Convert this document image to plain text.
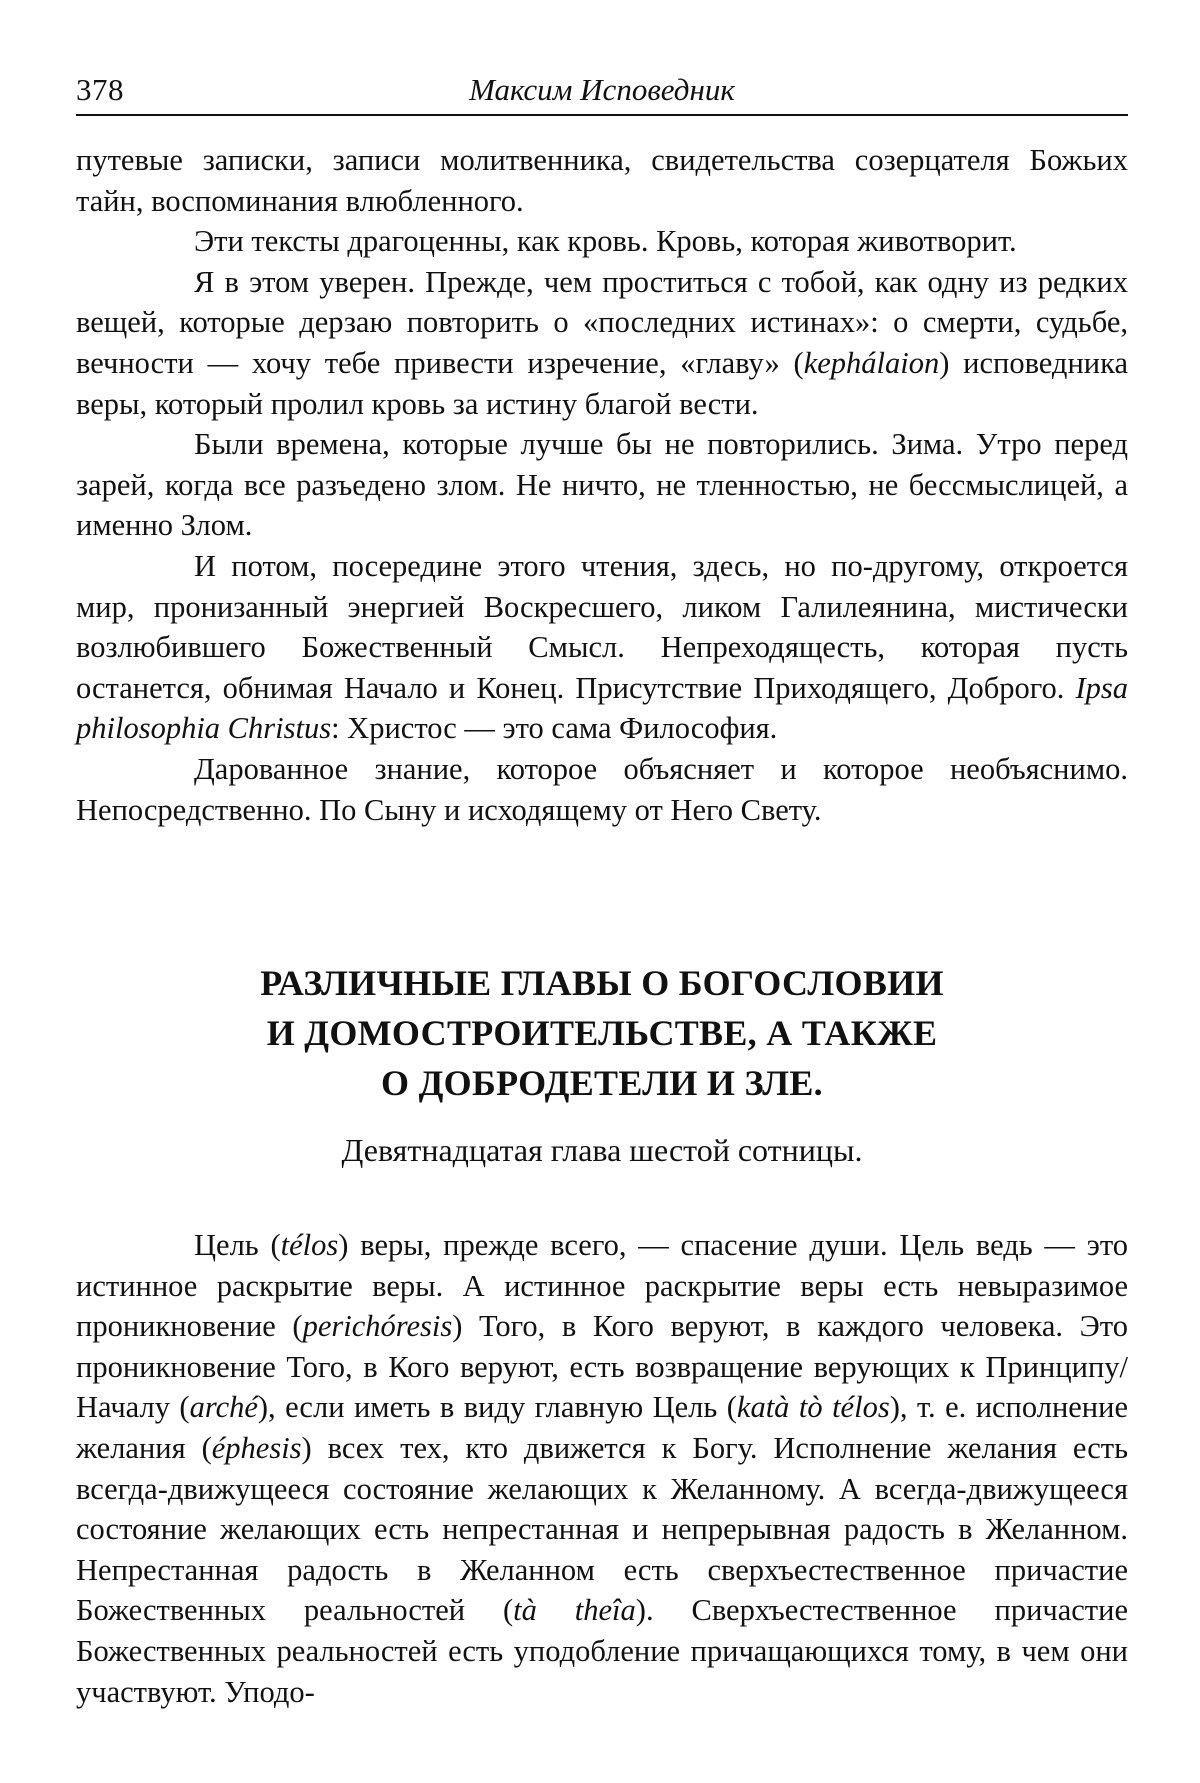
378	Максим Исповедник

путевые записки, записи молитвенника, свидетельства созерцателя Божьих тайн, воспоминания влюбленного.

Эти тексты драгоценны, как кровь. Кровь, которая животворит.

Я в этом уверен. Прежде, чем проститься с тобой, как одну из редких вещей, которые дерзаю повторить о «последних истинах»: о смерти, судьбе, вечности — хочу тебе привести изречение, «главу» (kephálaion) исповедника веры, который пролил кровь за истину благой вести.

Были времена, которые лучше бы не повторились. Зима. Утро перед зарей, когда все разъедено злом. Не ничто, не тленностью, не бессмыслицей, а именно Злом.

И потом, посередине этого чтения, здесь, но по-другому, откроется мир, пронизанный энергией Воскресшего, ликом Галилеянина, мистически возлюбившего Божественный Смысл. Непреходящесть, которая пусть останется, обнимая Начало и Конец. Присутствие Приходящего, Доброго. Ipsa philosophia Christus: Христос — это сама Философия.

Дарованное знание, которое объясняет и которое необъяснимо. Непосредственно. По Сыну и исходящему от Него Свету.

РАЗЛИЧНЫЕ ГЛАВЫ О БОГОСЛОВИИ
И ДОМОСТРОИТЕЛЬСТВЕ, А ТАКЖЕ
О ДОБРОДЕТЕЛИ И ЗЛЕ.
Девятнадцатая глава шестой сотницы.

Цель (télos) веры, прежде всего, — спасение души. Цель ведь — это истинное раскрытие веры. А истинное раскрытие веры есть невыразимое проникновение (perichóresis) Того, в Кого веруют, в каждого человека. Это проникновение Того, в Кого веруют, есть возвращение верующих к Принципу/Началу (arché), если иметь в виду главную Цель (katà tò télos), т. е. исполнение желания (éphesis) всех тех, кто движется к Богу. Исполнение желания есть всегда-движущееся состояние желающих к Желанному. А всегда-движущееся состояние желающих есть непрестанная и непрерывная радость в Желанном. Непрестанная радость в Желанном есть сверхъестественное причастие Божественных реальностей (tà theîa). Сверхъестественное причастие Божественных реальностей есть уподобление причащающихся тому, в чем они участвуют. Уподо-
